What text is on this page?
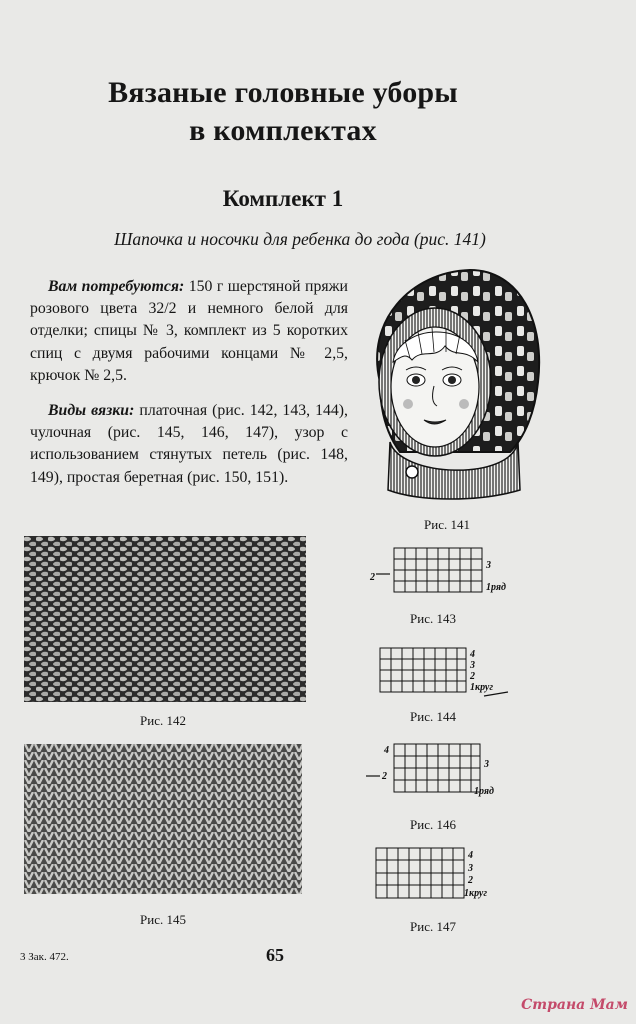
Вязаные головные уборы
в комплектах
Комплект 1
Шапочка и носочки для ребенка до года (рис. 141)
Вам потребуются: 150 г шерстяной пряжи розового цвета 32/2 и немного белой для отделки; спицы № 3, комплект из 5 коротких спиц с двумя рабочими концами № 2,5, крючок № 2,5.
Виды вязки: платочная (рис. 142, 143, 144), чулочная (рис. 145, 146, 147), узор с использованием стянутых петель (рис. 148, 149), простая беретная (рис. 150, 151).
Рис. 141
Рис. 142
Рис. 145
3
2
1ряд
Рис. 143
4
3
2
1круг
Рис. 144
4
3
2
1ряд
Рис. 146
4
3
2
1круг
Рис. 147
3 Зак. 472.	65
Страна Мам
